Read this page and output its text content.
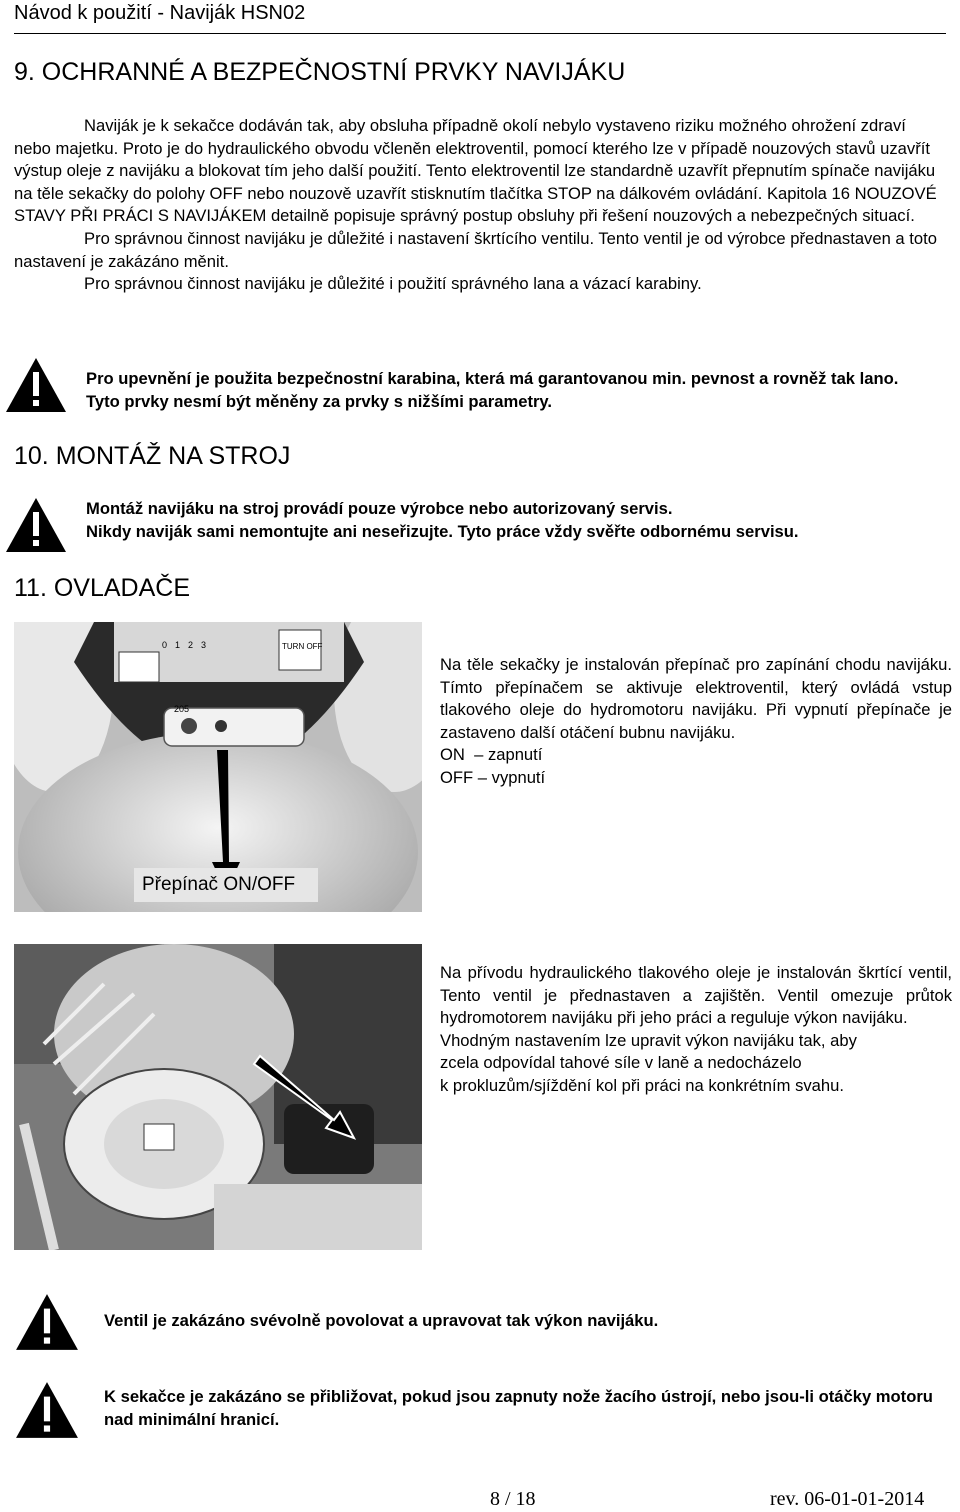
Návod k použití - Naviják HSN02
9. OCHRANNÉ A BEZPEČNOSTNÍ PRVKY NAVIJÁKU

Naviják je k sekačce dodáván tak, aby obsluha případně okolí nebylo vystaveno riziku možného ohrožení zdraví nebo majetku. Proto je do hydraulického obvodu včleněn elektroventil, pomocí kterého lze v případě nouzových stavů uzavřít výstup oleje z navijáku a blokovat tím jeho další použití. Tento elektroventil lze standardně uzavřít přepnutím spínače navijáku na těle sekačky do polohy OFF nebo nouzově uzavřít stisknutím tlačítka STOP na dálkovém ovládání. Kapitola 16 NOUZOVÉ STAVY PŘI PRÁCI S NAVIJÁKEM detailně popisuje správný postup obsluhy při řešení nouzových a nebezpečných situací.

Pro správnou činnost navijáku je důležité i nastavení škrtícího ventilu. Tento ventil je od výrobce přednastaven a toto nastavení je zakázáno měnit.

Pro správnou činnost navijáku je důležité i použití správného lana a vázací karabiny.

Pro upevnění je použita bezpečnostní karabina, která má garantovanou min. pevnost a rovněž tak lano. Tyto prvky nesmí být měněny za prvky s nižšími parametry.
10. MONTÁŽ NA STROJ

Montáž navijáku na stroj provádí pouze výrobce nebo autorizovaný servis.

Nikdy naviják sami nemontujte ani neseřizujte. Tyto práce vždy svěřte odbornému servisu.

11. OVLADAČE
205
TURN OFF
0123
Přepínač ON/OFF

Na těle sekačky je instalován přepínač pro zapínání chodu navijáku. Tímto přepínačem se aktivuje elektroventil, který ovládá vstup tlakového oleje do hydromotoru navijáku. Při vypnutí přepínače je zastaveno další otáčení bubnu navijáku.

ON  – zapnutí

OFF – vypnutí

Na přívodu hydraulického tlakového oleje je instalován škrtící ventil, Tento ventil je přednastaven a zajištěn. Ventil omezuje průtok hydromotorem navijáku při jeho práci a reguluje výkon navijáku.

Vhodným nastavením lze upravit výkon navijáku tak, aby

zcela odpovídal tahové síle v laně a nedocházelo

k prokluzům/sjíždění kol při práci na konkrétním svahu.

Ventil je zakázáno svévolně povolovat a upravovat tak výkon navijáku.
K sekačce je zakázáno se přibližovat, pokud jsou zapnuty nože žacího ústrojí, nebo jsou-li otáčky motoru nad minimální hranicí.
8 / 18	rev. 06-01-01-2014
